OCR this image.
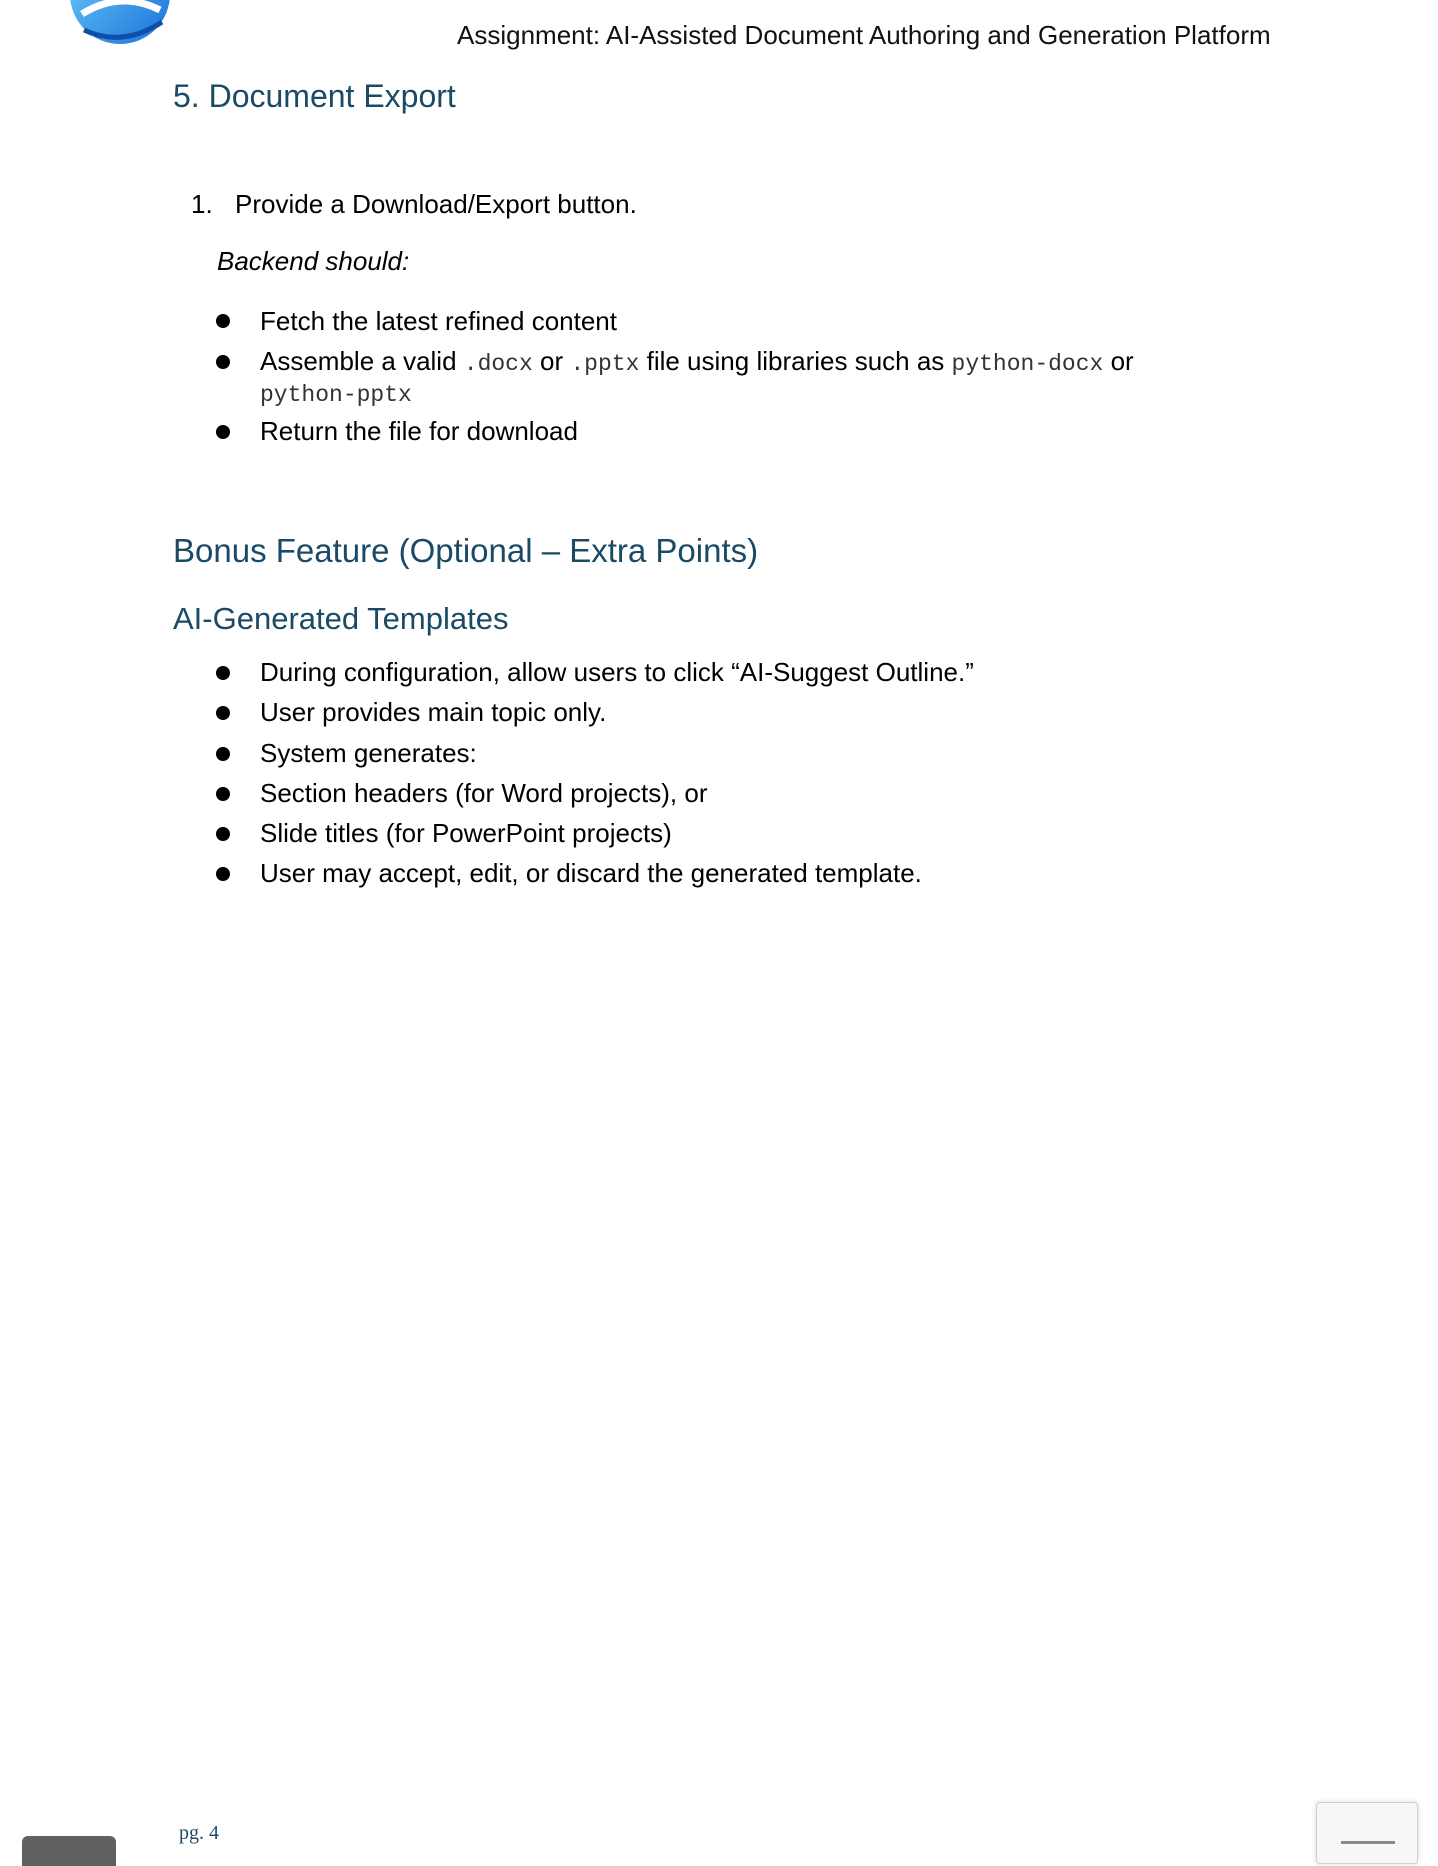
Assignment: AI-Assisted Document Authoring and Generation Platform
5. Document Export
1. Provide a Download/Export button.
Backend should:
Fetch the latest refined content
Assemble a valid .docx or .pptx file using libraries such as python-docx or
python-pptx
Return the file for download
Bonus Feature (Optional – Extra Points)
AI-Generated Templates
During configuration, allow users to click “AI-Suggest Outline.”
User provides main topic only.
System generates:
Section headers (for Word projects), or
Slide titles (for PowerPoint projects)
User may accept, edit, or discard the generated template.
pg. 4
